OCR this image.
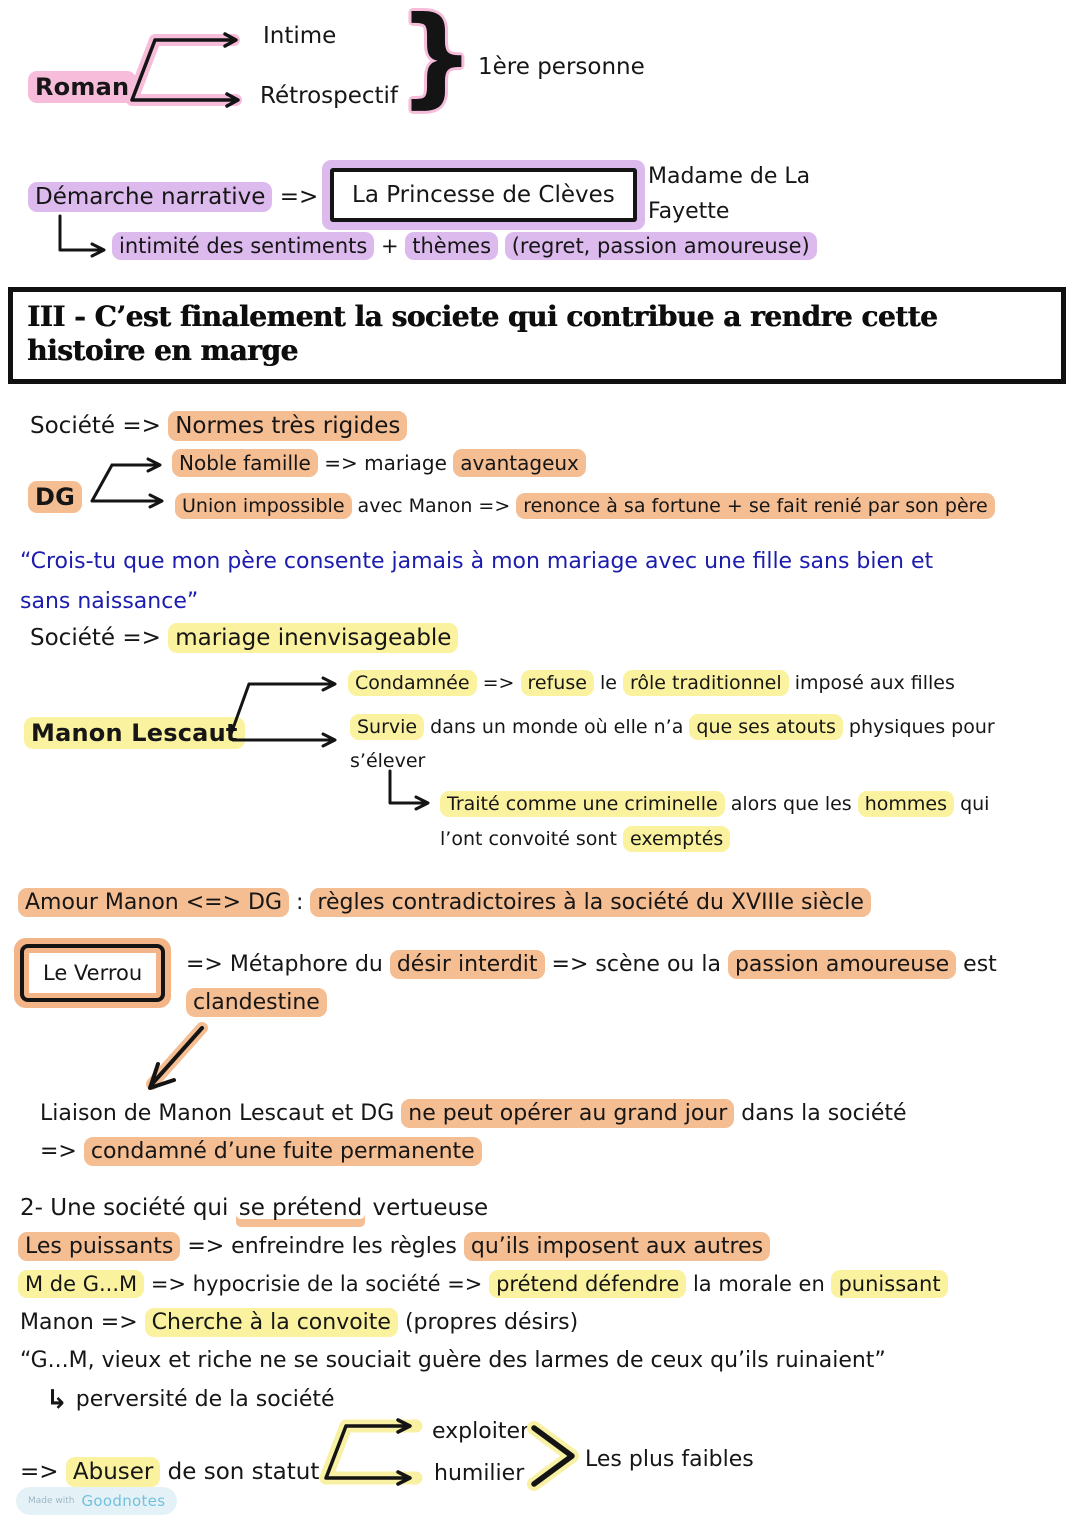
Roman
Intime
Rétrospectif } 1ère personne
Démarche narrative =>	La Princesse de Clèves
Madame de La
Fayette
intimité des sentiments + thèmes (regret, passion amoureuse)
III - C’est finalement la societe qui contribue a rendre cette
histoire en marge
Société => Normes très rigides
DG
Noble famille => mariage avantageux
Union impossible avec Manon => renonce à sa fortune + se fait renié par son père
“Crois-tu que mon père consente jamais à mon mariage avec une fille sans bien et
sans naissance”
Société => mariage inenvisageable
Manon Lescaut
Condamnée => refuse le rôle traditionnel imposé aux filles
Survie dans un monde où elle n’a que ses atouts physiques pour
s’élever
Traité comme une criminelle alors que les hommes qui
l’ont convoité sont exemptés
Amour Manon <=> DG : règles contradictoires à la société du XVIIIe siècle
Le Verrou	=> Métaphore du désir interdit => scène ou la passion amoureuse est
clandestine
Liaison de Manon Lescaut et DG ne peut opérer au grand jour dans la société
=> condamné d’une fuite permanente
2- Une société qui se prétend vertueuse
Les puissants => enfreindre les règles qu’ils imposent aux autres
M de G...M => hypocrisie de la société => prétend défendre la morale en punissant
Manon => Cherche à la convoite (propres désirs)
“G...M, vieux et riche ne se souciait guère des larmes de ceux qu’ils ruinaient”
↳ perversité de la société
=> Abuser de son statut
exploiter
humilier
Les plus faibles
Made with Goodnotes
